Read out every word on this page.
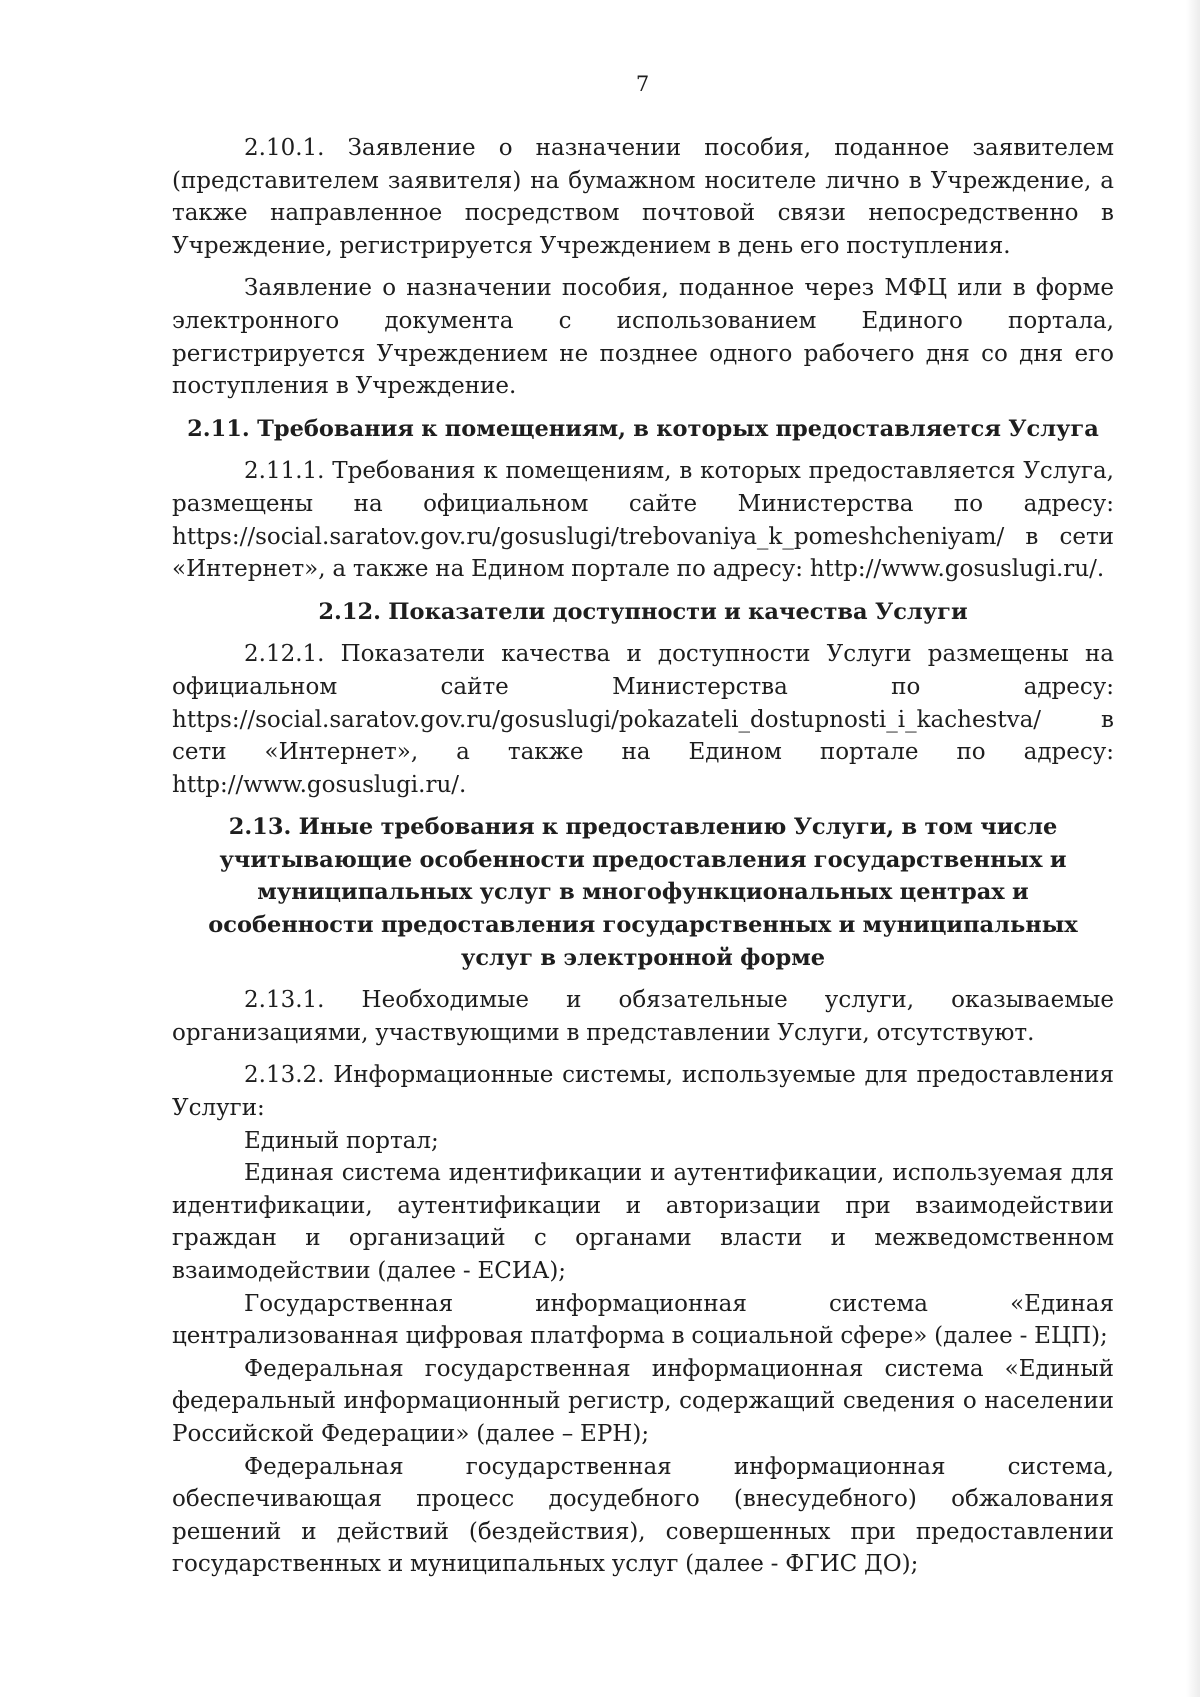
7

2.10.1. Заявление о назначении пособия, поданное заявителем (представителем заявителя) на бумажном носителе лично в Учреждение, а также направленное посредством почтовой связи непосредственно в Учреждение, регистрируется Учреждением в день его поступления.

Заявление о назначении пособия, поданное через МФЦ или в форме электронного документа с использованием Единого портала, регистрируется Учреждением не позднее одного рабочего дня со дня его поступления в Учреждение.

2.11. Требования к помещениям, в которых предоставляется Услуга

2.11.1. Требования к помещениям, в которых предоставляется Услуга, размещены на официальном сайте Министерства по адресу: https://social.saratov.gov.ru/gosuslugi/trebovaniya_k_pomeshcheniyam/ в сети «Интернет», а также на Едином портале по адресу: http://www.gosuslugi.ru/.

2.12. Показатели доступности и качества Услуги

2.12.1. Показатели качества и доступности Услуги размещены на официальном сайте Министерства по адресу: https://social.saratov.gov.ru/gosuslugi/pokazateli_dostupnosti_i_kachestva/ в сети «Интернет», а также на Едином портале по адресу: http://www.gosuslugi.ru/.

2.13. Иные требования к предоставлению Услуги, в том числе учитывающие особенности предоставления государственных и муниципальных услуг в многофункциональных центрах и особенности предоставления государственных и муниципальных услуг в электронной форме

2.13.1. Необходимые и обязательные услуги, оказываемые организациями, участвующими в представлении Услуги, отсутствуют.

2.13.2. Информационные системы, используемые для предоставления Услуги:

Единый портал;

Единая система идентификации и аутентификации, используемая для идентификации, аутентификации и авторизации при взаимодействии граждан и организаций с органами власти и межведомственном взаимодействии (далее - ЕСИА);

Государственная информационная система «Единая централизованная цифровая платформа в социальной сфере» (далее - ЕЦП);

Федеральная государственная информационная система «Единый федеральный информационный регистр, содержащий сведения о населении Российской Федерации» (далее – ЕРН);

Федеральная государственная информационная система, обеспечивающая процесс досудебного (внесудебного) обжалования решений и действий (бездействия), совершенных при предоставлении государственных и муниципальных услуг (далее - ФГИС ДО);
